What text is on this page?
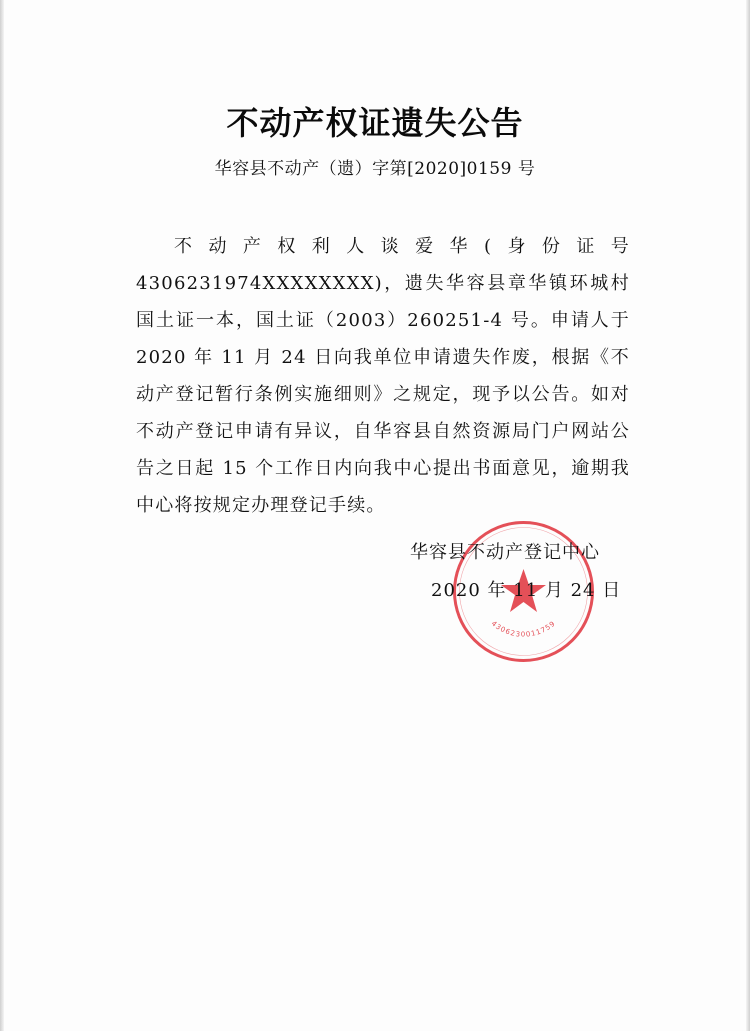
不动产权证遗失公告
华容县不动产（遗）字第[2020]0159 号

不动产权利人谈爱华(身份证号 4306231974XXXXXXXX)，遗失华容县章华镇环城村国土证一本，国土证（2003）260251-4 号。申请人于 2020 年 11 月 24 日向我单位申请遗失作废，根据《不动产登记暂行条例实施细则》之规定，现予以公告。如对不动产登记申请有异议，自华容县自然资源局门户网站公告之日起 15 个工作日内向我中心提出书面意见，逾期我中心将按规定办理登记手续。

4306230011759
华容县不动产登记中心
2020 年 11 月 24 日
